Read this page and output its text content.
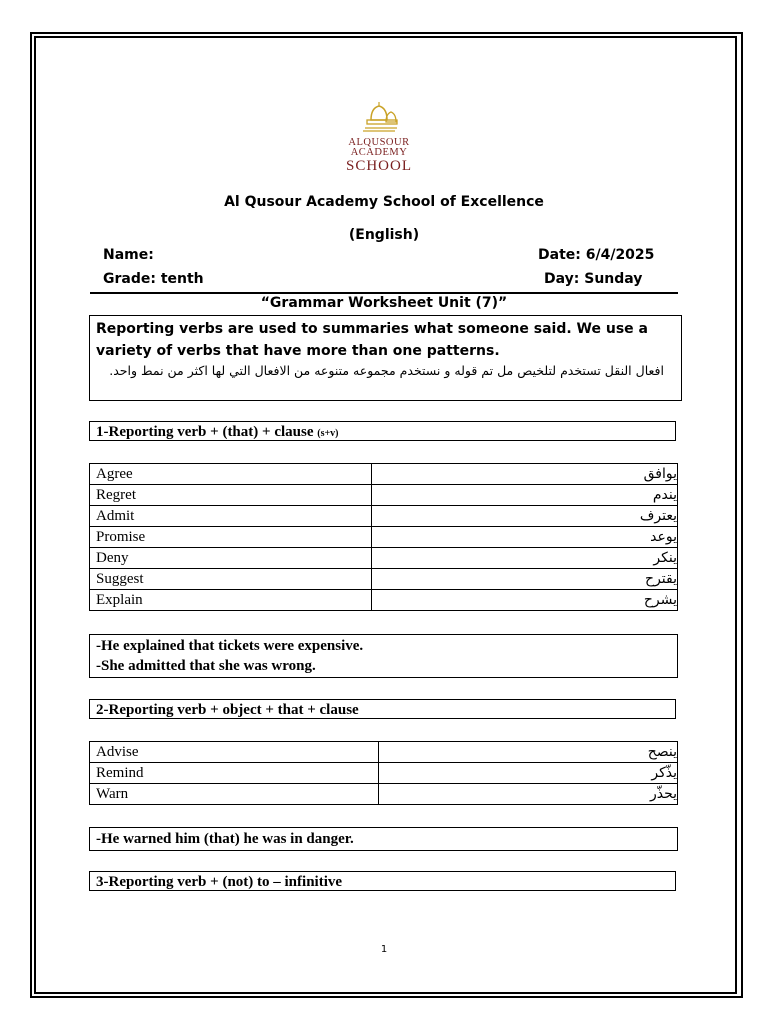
ALQUSOUR
ACADEMY
SCHOOL
Al Qusour Academy School of Excellence
(English)
Name:	Date: 6/4/2025
Grade: tenth	Day: Sunday
“Grammar Worksheet Unit (7)”
Reporting verbs are used to summaries what someone said. We use a variety of verbs that have more than one patterns.
افعال النقل تستخدم لتلخيص مل تم قوله و نستخدم مجموعه متنوعه من الافعال التي لها اكثر من نمط واحد.
1-Reporting verb + (that) + clause (s+v)
Agree	يوافق
Regret	يندم
Admit	يعترف
Promise	يوعد
Deny	ينكر
Suggest	يقترح
Explain	يشرح
-He explained that tickets were expensive.
-She admitted that she was wrong.
2-Reporting verb + object + that + clause
Advise	ينصح
Remind	يذّكر
Warn	يحذّر
-He warned him (that) he was in danger.
3-Reporting verb + (not) to – infinitive
1
